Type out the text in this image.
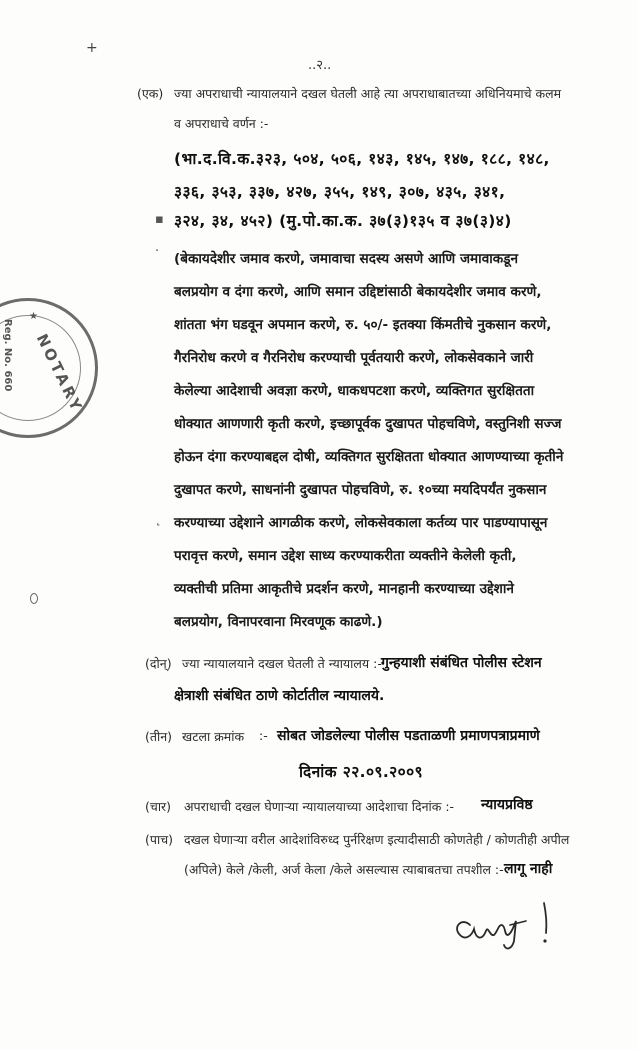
+
..२..
★
NOTARY
Reg. No. 660
(एक) ज्या अपराधाची न्यायालयाने दखल घेतली आहे त्या अपराधाबातच्या अधिनियमाचे कलम
व अपराधाचे वर्णन :-
(भा.द.वि.क.३२३, ५०४, ५०६, १४३, १४५, १४७, १८८, १४८,
३३६, ३५३, ३३७, ४२७, ३५५, १४९, ३०७, ४३५, ३४१,
▪ ३२४, ३४, ४५२) (मु.पो.का.क. ३७(३)१३५ व ३७(३)४)
· (बेकायदेशीर जमाव करणे, जमावाचा सदस्य असणे आणि जमावाकडून
बलप्रयोग व दंगा करणे, आणि समान उद्दिष्टांसाठी बेकायदेशीर जमाव करणे,
शांतता भंग घडवून अपमान करणे, रु. ५०/- इतक्या किंमतीचे नुकसान करणे,
गैरनिरोध करणे व गैरनिरोध करण्याची पूर्वतयारी करणे, लोकसेवकाने जारी
केलेल्या आदेशाची अवज्ञा करणे, धाकधपटशा करणे, व्यक्तिगत सुरक्षितता
धोक्यात आणणारी कृती करणे, इच्छापूर्वक दुखापत पोहचविणे, वस्तुनिशी सज्ज
होऊन दंगा करण्याबद्दल दोषी, व्यक्तिगत सुरक्षितता धोक्यात आणण्याच्या कृतीने
दुखापत करणे, साधनांनी दुखापत पोहचविणे, रु. १०च्या मयदिपर्यंत नुकसान
˛ करण्याच्या उद्देशाने आगळीक करणे, लोकसेवकाला कर्तव्य पार पाडण्यापासून
परावृत्त करणे, समान उद्देश साध्य करण्याकरीता व्यक्तीने केलेली कृती,
व्यक्तीची प्रतिमा आकृतीचे प्रदर्शन करणे, मानहानी करण्याच्या उद्देशाने
बलप्रयोग, विनापरवाना मिरवणूक काढणे.)
(दोन्) ज्या न्यायालयाने दखल घेतली ते न्यायालय :- गुन्हयाशी संबंधित पोलीस स्टेशन
क्षेत्राशी संबंधित ठाणे कोर्टातील न्यायालये.
(तीन) खटला क्रमांक :- सोबत जोडलेल्या पोलीस पडताळणी प्रमाणपत्राप्रमाणे
दिनांक २२.०९.२००९
(चार) अपराधाची दखल घेणाऱ्या न्यायालयाच्या आदेशाचा दिनांक :- न्यायप्रविष्ठ
(पाच) दखल घेणाऱ्या वरील आदेशांविरुध्द पुर्नरिक्षण इत्यादीसाठी कोणतेही / कोणतीही अपील
(अपिले) केले /केली, अर्ज केला /केले असल्यास त्याबाबतचा तपशील :- लागू नाही
